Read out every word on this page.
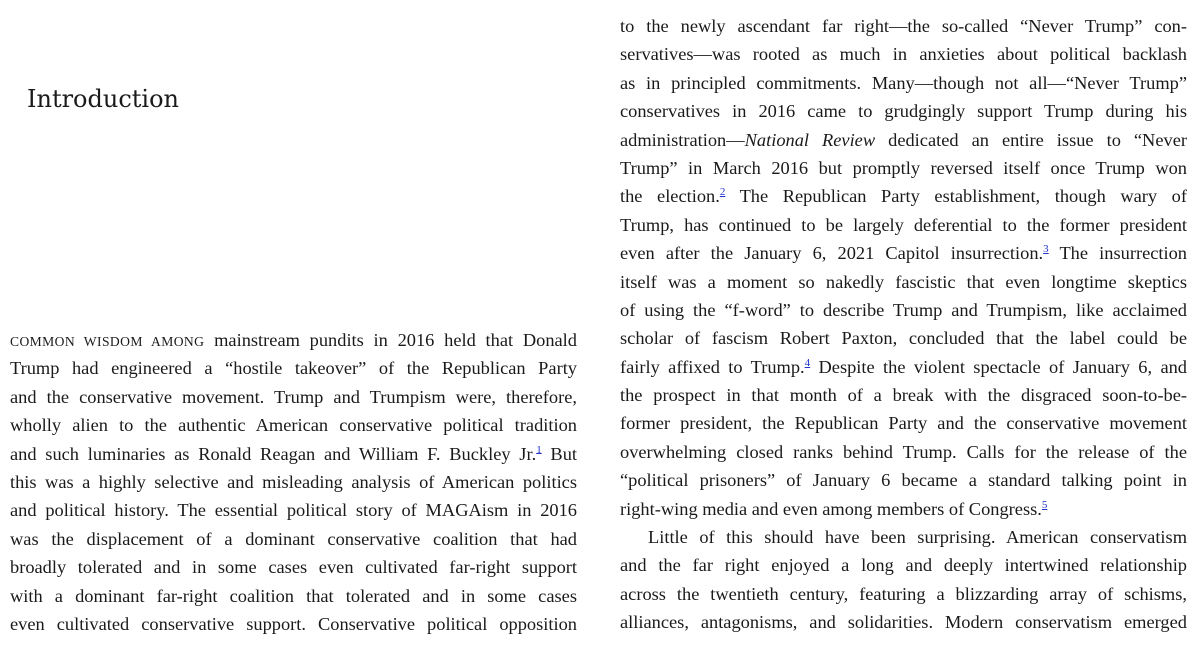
Introduction
COMMON WISDOM AMONG mainstream pundits in 2016 held that Donald
Trump had engineered a “hostile takeover” of the Republican Party
and the conservative movement. Trump and Trumpism were, therefore,
wholly alien to the authentic American conservative political tradition
and such luminaries as Ronald Reagan and William F. Buckley Jr.$^1$ But
this was a highly selective and misleading analysis of American politics
and political history. The essential political story of MAGAism in 2016
was the displacement of a dominant conservative coalition that had
broadly tolerated and in some cases even cultivated far-right support
with a dominant far-right coalition that tolerated and in some cases
even cultivated conservative support. Conservative political opposition
to the newly ascendant far right—the so-called “Never Trump” con-
servatives—was rooted as much in anxieties about political backlash
as in principled commitments. Many—though not all—“Never Trump”
conservatives in 2016 came to grudgingly support Trump during his
administration—National Review dedicated an entire issue to “Never
Trump” in March 2016 but promptly reversed itself once Trump won
the election.$^2$ The Republican Party establishment, though wary of
Trump, has continued to be largely deferential to the former president
even after the January 6, 2021 Capitol insurrection.$^3$ The insurrection
itself was a moment so nakedly fascistic that even longtime skeptics
of using the “f-word” to describe Trump and Trumpism, like acclaimed
scholar of fascism Robert Paxton, concluded that the label could be
fairly affixed to Trump.$^4$ Despite the violent spectacle of January 6, and
the prospect in that month of a break with the disgraced soon-to-be-
former president, the Republican Party and the conservative movement
overwhelming closed ranks behind Trump. Calls for the release of the
“political prisoners” of January 6 became a standard talking point in
right-wing media and even among members of Congress.$^5$
Little of this should have been surprising. American conservatism
and the far right enjoyed a long and deeply intertwined relationship
across the twentieth century, featuring a blizzarding array of schisms,
alliances, antagonisms, and solidarities. Modern conservatism emerged
